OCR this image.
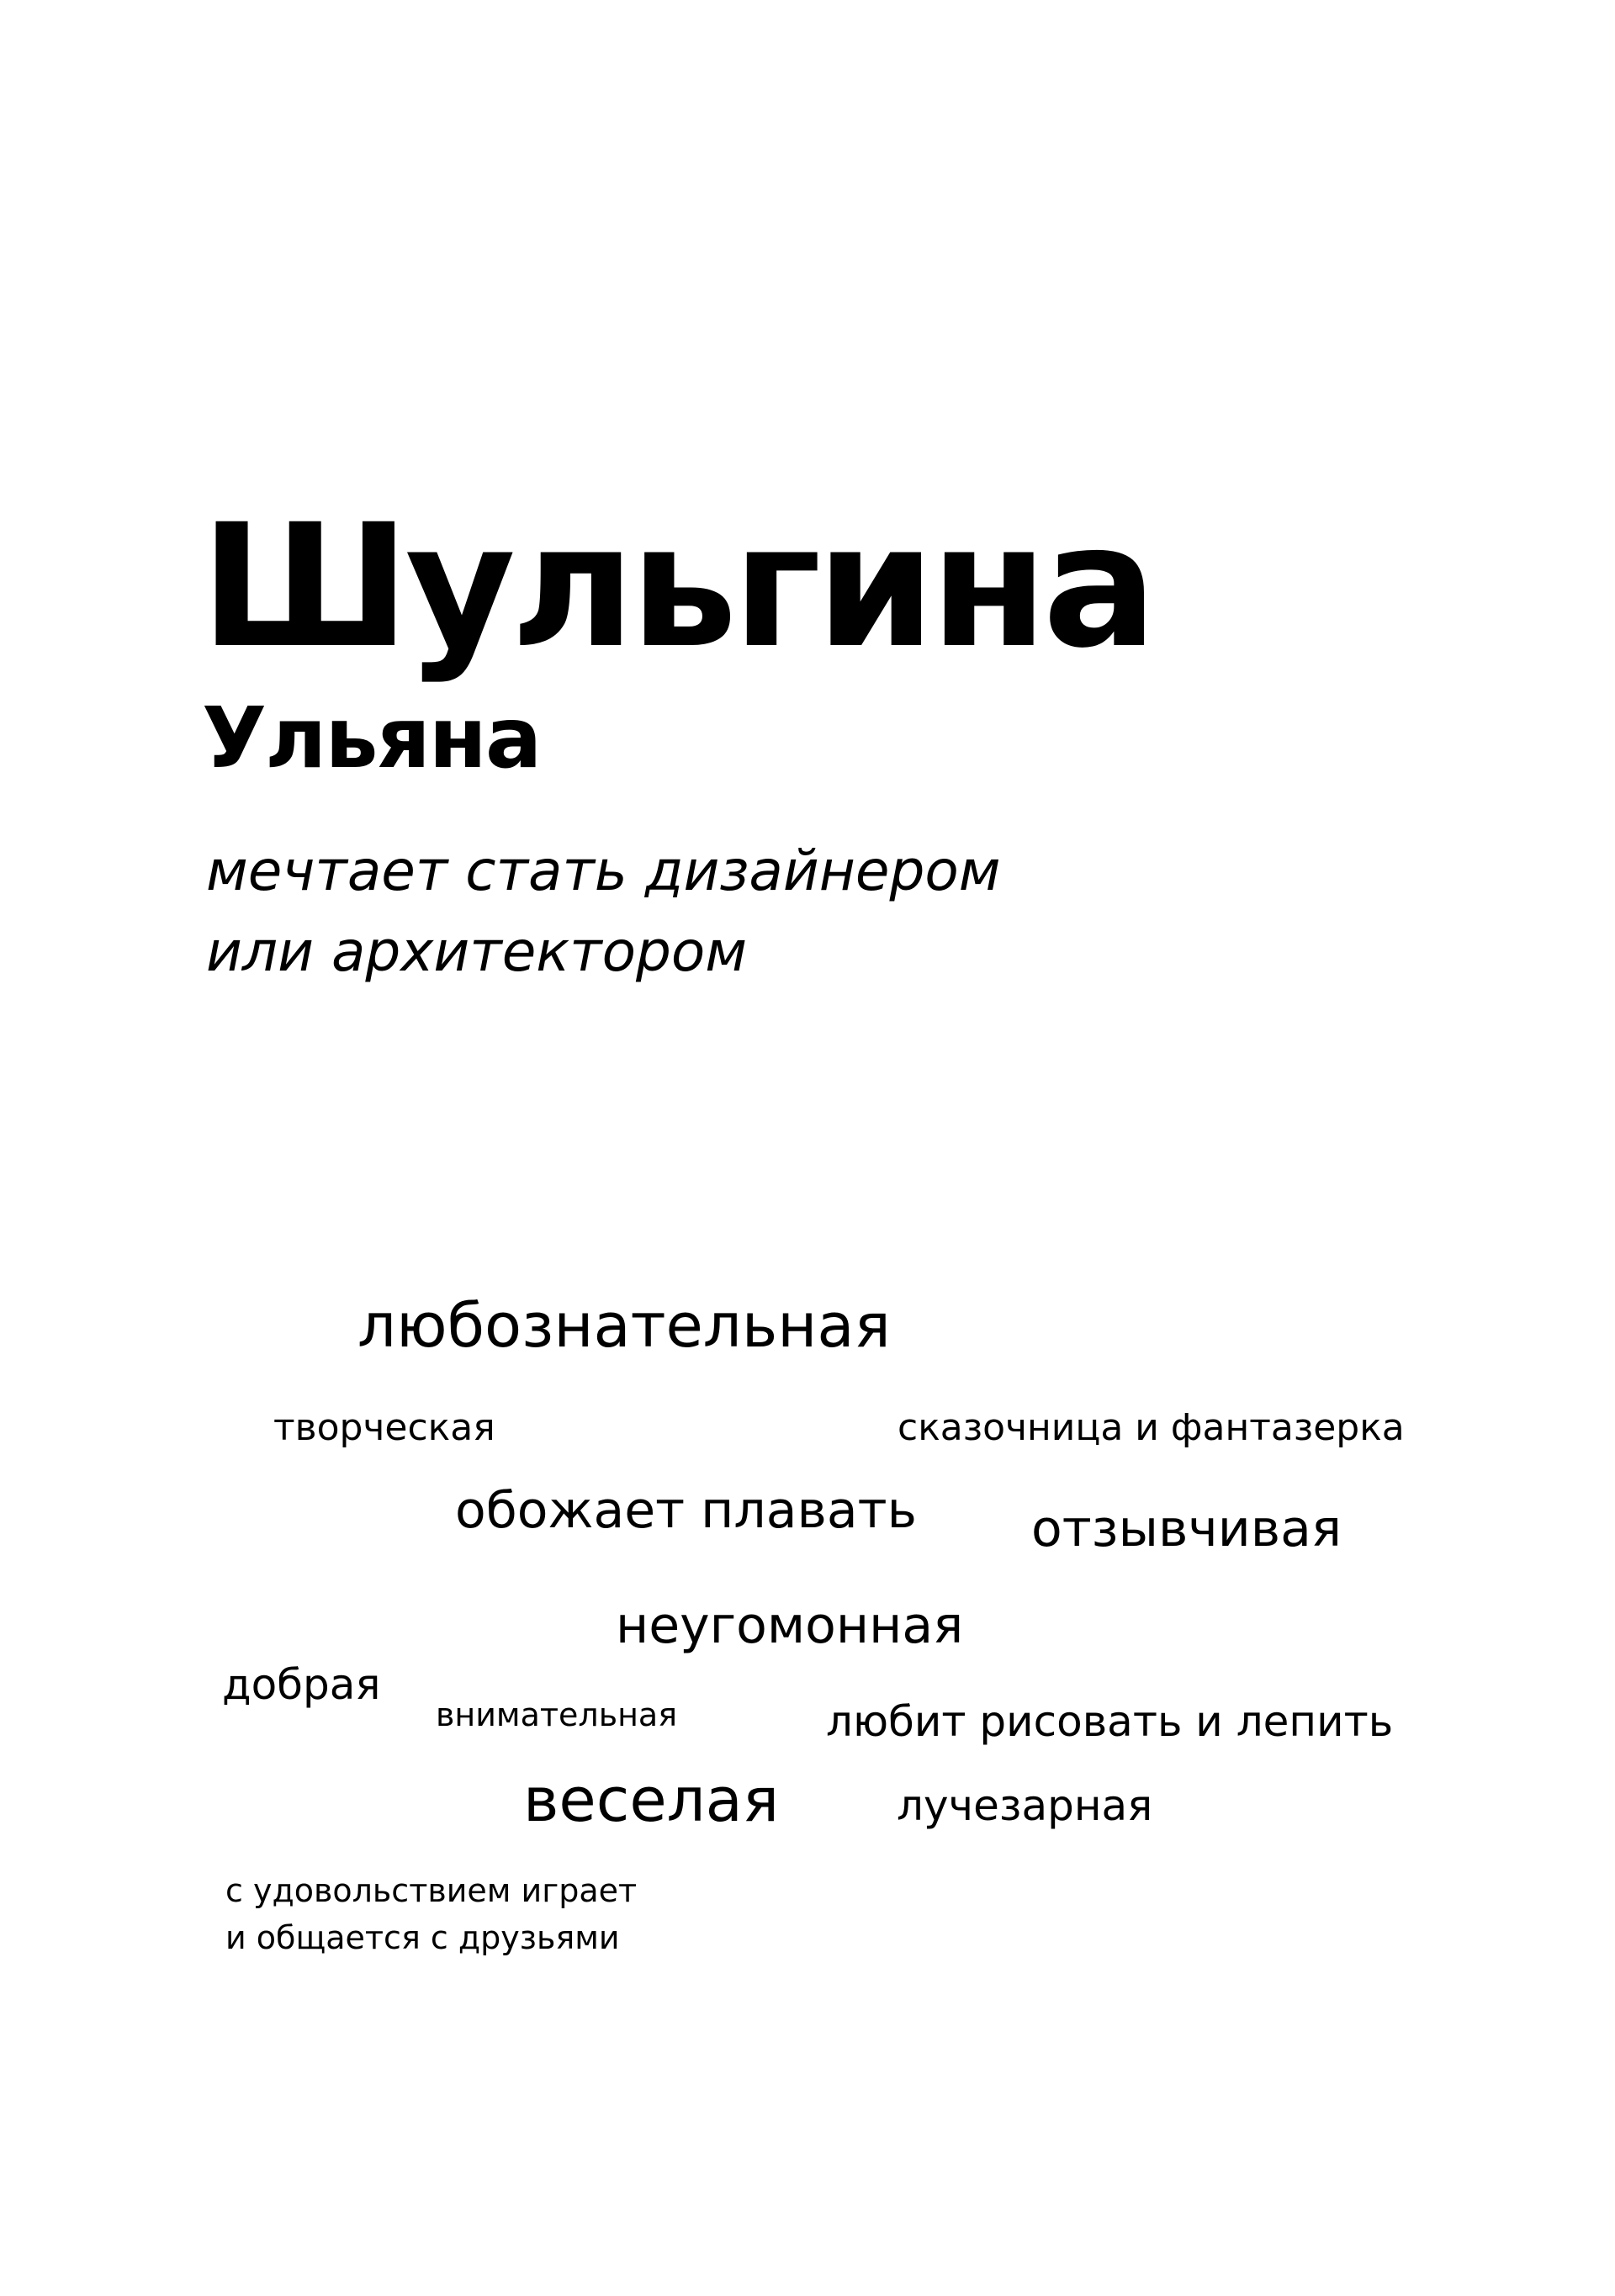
Шульгина
Ульяна
мечтает стать дизайнером
или архитектором
любознательная
творческая	сказочница и фантазерка
обожает плавать отзывчивая
неугомонная
добрая
внимательная	любит рисовать и лепить
веселая	лучезарная
с удовольствием играет
и общается с друзьями
